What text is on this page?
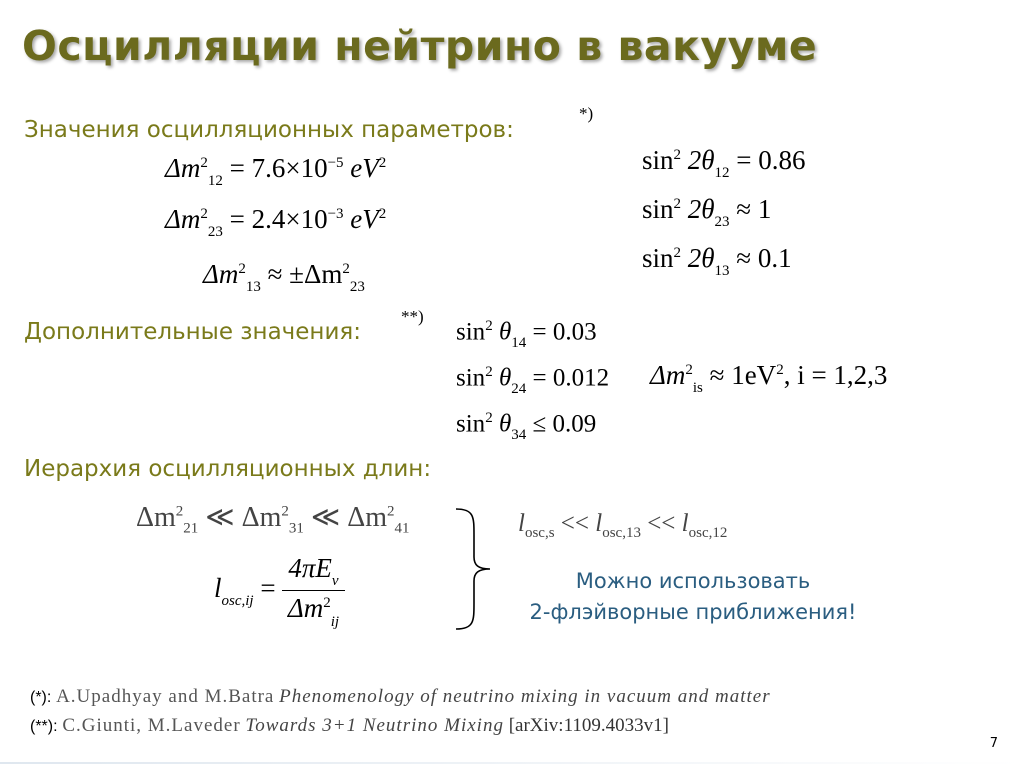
Осцилляции нейтрино в вакууме
Значения осцилляционных параметров:
*)
$\Delta m^2_{12} = 7.6\times 10^{-5}$ $eV^2$
$\Delta m^2_{23} = 2.4\times 10^{-3}$ $eV^2$
$\Delta m^2_{13} \approx \pm\Delta m^2_{23}$
$\sin^2 2\theta_{12} = 0.86$
$\sin^2 2\theta_{23} \approx 1$
$\sin^2 2\theta_{13} \approx 0.1$
Дополнительные значения:
**)
$\sin^2 \theta_{14} = 0.03$
$\sin^2 \theta_{24} = 0.012$
$\sin^2 \theta_{34} \le 0.09$
$\Delta m^2_{is} \approx 1eV^2$, i = 1,2,3
Иерархия осцилляционных длин:
$\Delta m^2_{21}$ ≪ $\Delta m^2_{31}$ ≪ $\Delta m^2_{41}$
$l_{osc,ij} = \frac{4\pi E_\nu}{\Delta m^2_{ij}}$
$l_{osc,s} << l_{osc,13} << l_{osc,12}$
Можно использовать
2-флэйворные приближения!
(*): A.Upadhyay and M.Batra Phenomenology of neutrino mixing in vacuum and matter
(**): C.Giunti, M.Laveder Towards 3+1 Neutrino Mixing [arXiv:1109.4033v1]
7
